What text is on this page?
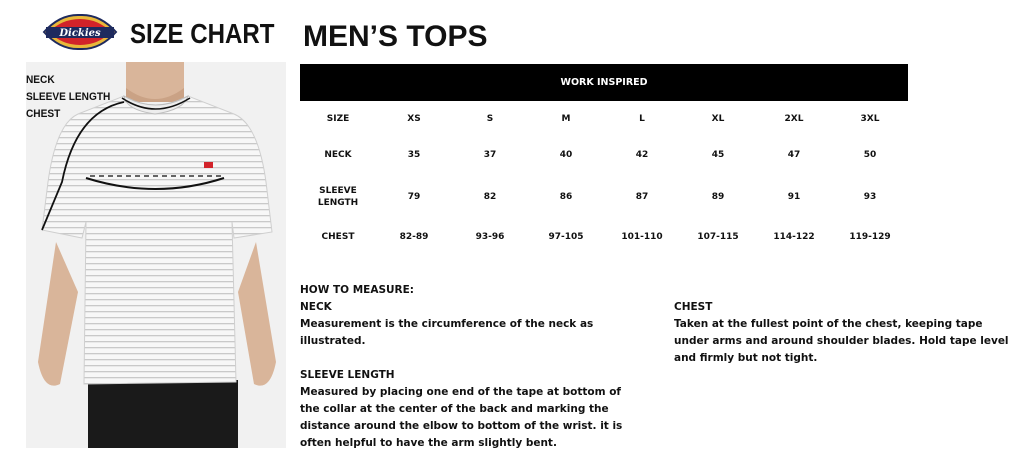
Dickies SIZE CHART MEN’S TOPS
NECK
SLEEVE LENGTH
CHEST
WORK INSPIRED
SIZE	XS	S	M	L	XL	2XL	3XL
NECK	35	37	40	42	45	47	50
SLEEVE
LENGTH	79	82	86	87	89	91	93
CHEST	82-89	93-96	97-105	101-110	107-115	114-122	119-129

HOW TO MEASURE:

NECK

Measurement is the circumference of the neck as illustrated.

SLEEVE LENGTH

Measured by placing one end of the tape at bottom of the collar at the center of the back and marking the distance around the elbow to bottom of the wrist. it is often helpful to have the arm slightly bent.

CHEST

Taken at the fullest point of the chest, keeping tape under arms and around shoulder blades. Hold tape level and firmly but not tight.
